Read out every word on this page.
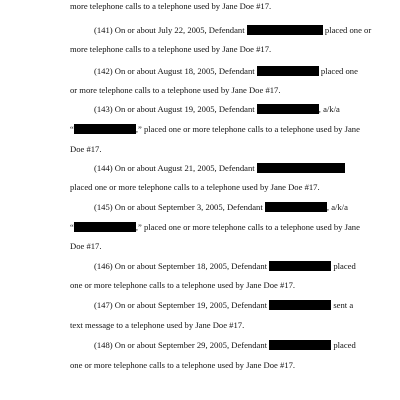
more telephone calls to a telephone used by Jane Doe #17.
(141) On or about July 22, 2005, Defendant	placed one or
more telephone calls to a telephone used by Jane Doe #17.
(142) On or about August 18, 2005, Defendant	placed one
or more telephone calls to a telephone used by Jane Doe #17.
(143) On or about August 19, 2005, Defendant	, a/k/a
“	,” placed one or more telephone calls to a telephone used by Jane
Doe #17.
(144) On or about August 21, 2005, Defendant
placed one or more telephone calls to a telephone used by Jane Doe #17.
(145) On or about September 3, 2005, Defendant	, a/k/a
“	,” placed one or more telephone calls to a telephone used by Jane
Doe #17.
(146) On or about September 18, 2005, Defendant	placed
one or more telephone calls to a telephone used by Jane Doe #17.
(147) On or about September 19, 2005, Defendant	sent a
text message to a telephone used by Jane Doe #17.
(148) On or about September 29, 2005, Defendant	placed
one or more telephone calls to a telephone used by Jane Doe #17.
